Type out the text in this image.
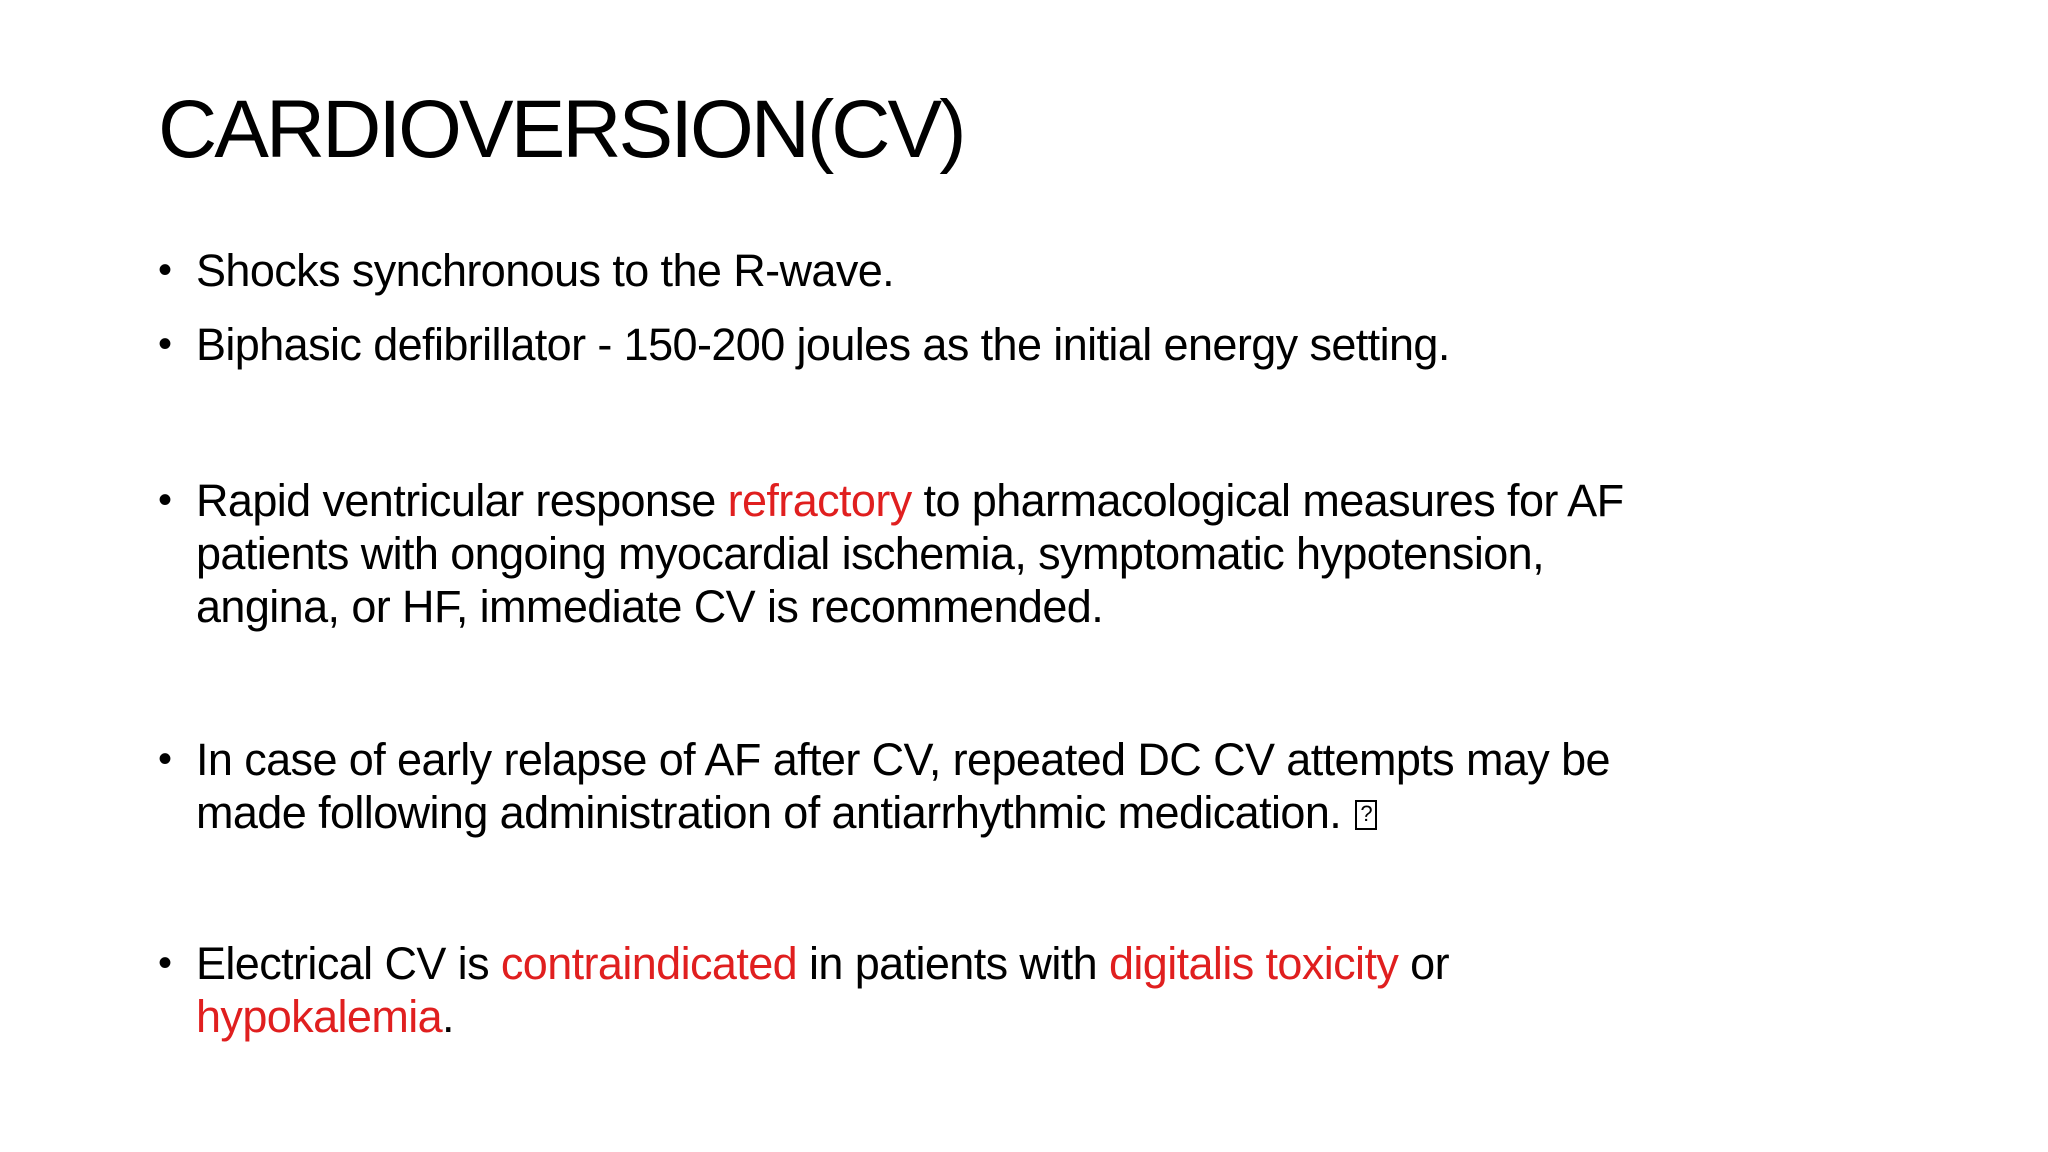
CARDIOVERSION(CV)
• Shocks synchronous to the R-wave.
• Biphasic defibrillator - 150-200 joules as the initial energy setting.
• Rapid ventricular response refractory to pharmacological measures for AF
patients with ongoing myocardial ischemia, symptomatic hypotension,
angina, or HF, immediate CV is recommended.
• In case of early relapse of AF after CV, repeated DC CV attempts may be
made following administration of antiarrhythmic medication.?
• Electrical CV is contraindicated in patients with digitalis toxicity or
hypokalemia.
